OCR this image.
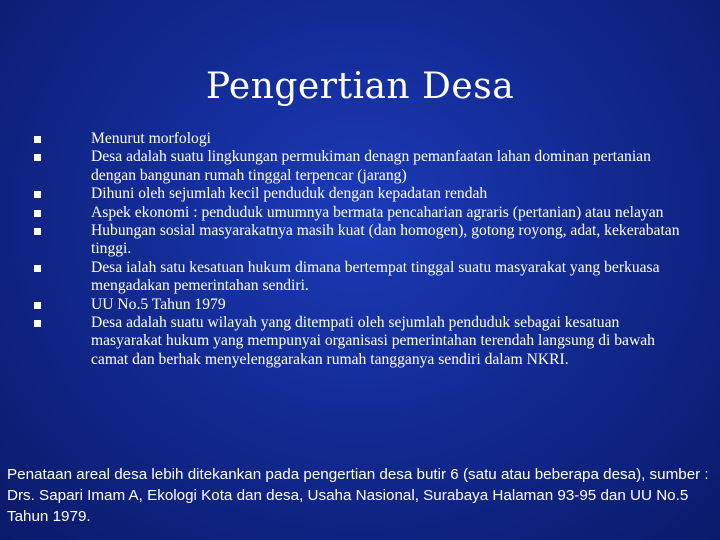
Pengertian Desa
Menurut morfologi
Desa adalah suatu lingkungan permukiman denagn pemanfaatan lahan dominan pertanian dengan bangunan rumah tinggal terpencar (jarang)
Dihuni oleh sejumlah kecil penduduk dengan kepadatan rendah
Aspek ekonomi : penduduk umumnya bermata pencaharian agraris (pertanian) atau nelayan
Hubungan sosial masyarakatnya masih kuat (dan homogen), gotong royong, adat, kekerabatan tinggi.
Desa ialah satu kesatuan hukum dimana bertempat tinggal suatu masyarakat yang berkuasa mengadakan pemerintahan sendiri.
UU No.5 Tahun 1979
Desa adalah suatu wilayah yang ditempati oleh sejumlah penduduk sebagai kesatuan masyarakat hukum yang mempunyai organisasi pemerintahan terendah langsung di bawah camat dan berhak menyelenggarakan rumah tangganya sendiri dalam NKRI.

Penataan areal desa lebih ditekankan pada pengertian desa butir 6 (satu atau beberapa desa), sumber : Drs. Sapari Imam A, Ekologi Kota dan desa, Usaha Nasional, Surabaya Halaman 93-95 dan UU No.5 Tahun 1979.
